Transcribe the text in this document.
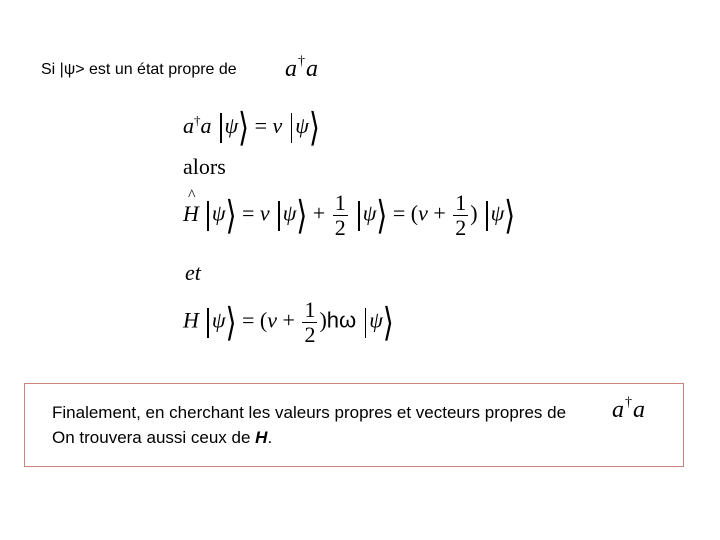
Si |ψ> est un état propre de a†a
a†a ψ⟩ = v ψ⟩
alors
^
H ψ⟩ = v ψ⟩ + $\frac{1}{2}$ ψ⟩ = ($v + \frac{1}{2}$ ) ψ⟩
et
H ψ⟩ = $(v + \frac{1}{2} )h\omega$ ψ⟩
Finalement, en cherchant les valeurs propres et vecteurs propres de a†a
On trouvera aussi ceux de H.
